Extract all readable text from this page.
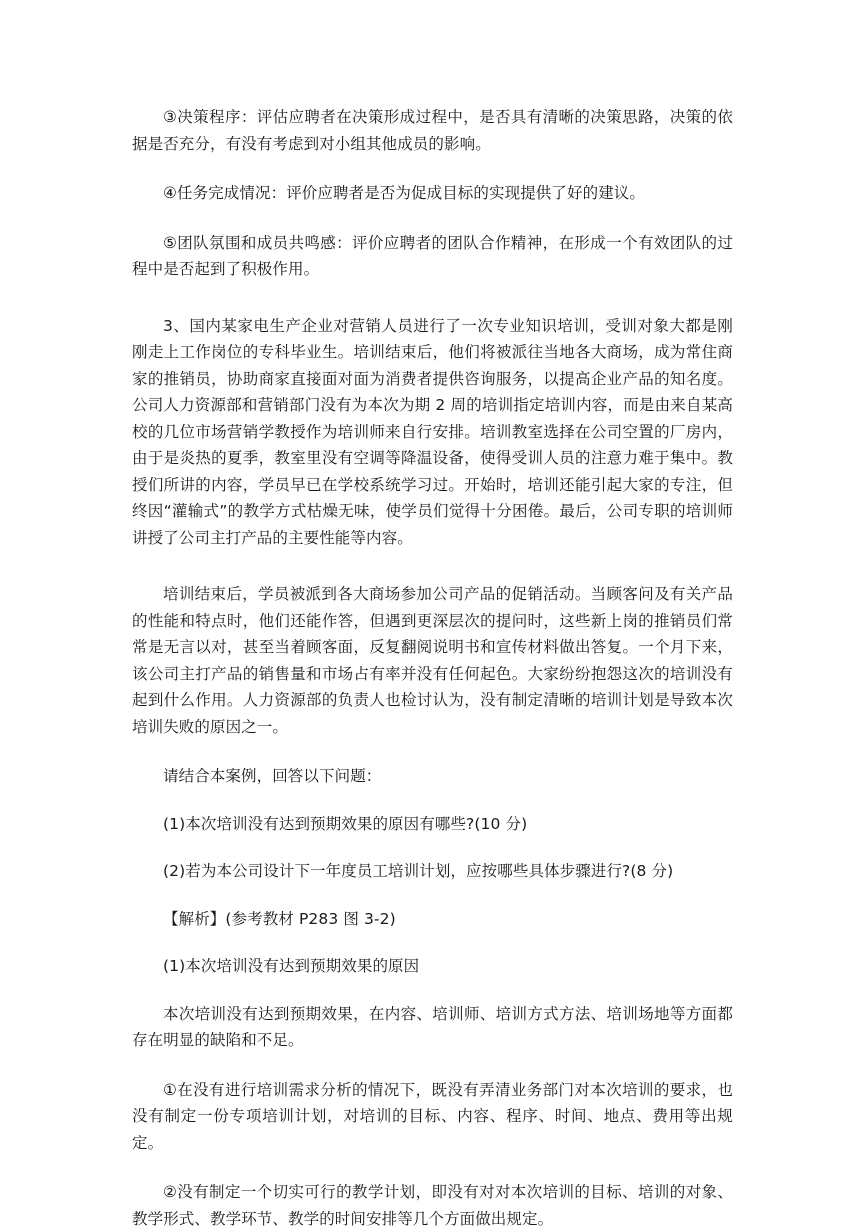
③决策程序：评估应聘者在决策形成过程中，是否具有清晰的决策思路，决策的依据是否充分，有没有考虑到对小组其他成员的影响。

④任务完成情况：评价应聘者是否为促成目标的实现提供了好的建议。

⑤团队氛围和成员共鸣感：评价应聘者的团队合作精神，在形成一个有效团队的过程中是否起到了积极作用。

3、国内某家电生产企业对营销人员进行了一次专业知识培训，受训对象大都是刚刚走上工作岗位的专科毕业生。培训结束后，他们将被派往当地各大商场，成为常住商家的推销员，协助商家直接面对面为消费者提供咨询服务，以提高企业产品的知名度。公司人力资源部和营销部门没有为本次为期 2 周的培训指定培训内容，而是由来自某高校的几位市场营销学教授作为培训师来自行安排。培训教室选择在公司空置的厂房内，由于是炎热的夏季，教室里没有空调等降温设备，使得受训人员的注意力难于集中。教授们所讲的内容，学员早已在学校系统学习过。开始时，培训还能引起大家的专注，但终因“灌输式”的教学方式枯燥无味，使学员们觉得十分困倦。最后，公司专职的培训师讲授了公司主打产品的主要性能等内容。

培训结束后，学员被派到各大商场参加公司产品的促销活动。当顾客问及有关产品的性能和特点时，他们还能作答，但遇到更深层次的提问时，这些新上岗的推销员们常常是无言以对，甚至当着顾客面，反复翻阅说明书和宣传材料做出答复。一个月下来，该公司主打产品的销售量和市场占有率并没有任何起色。大家纷纷抱怨这次的培训没有起到什么作用。人力资源部的负责人也检讨认为，没有制定清晰的培训计划是导致本次培训失败的原因之一。

请结合本案例，回答以下问题：

(1)本次培训没有达到预期效果的原因有哪些?(10 分)

(2)若为本公司设计下一年度员工培训计划，应按哪些具体步骤进行?(8 分)

【解析】(参考教材 P283 图 3-2)

(1)本次培训没有达到预期效果的原因

本次培训没有达到预期效果，在内容、培训师、培训方式方法、培训场地等方面都存在明显的缺陷和不足。

①在没有进行培训需求分析的情况下，既没有弄清业务部门对本次培训的要求，也没有制定一份专项培训计划，对培训的目标、内容、程序、时间、地点、费用等出规定。

②没有制定一个切实可行的教学计划，即没有对对本次培训的目标、培训的对象、教学形式、教学环节、教学的时间安排等几个方面做出规定。
